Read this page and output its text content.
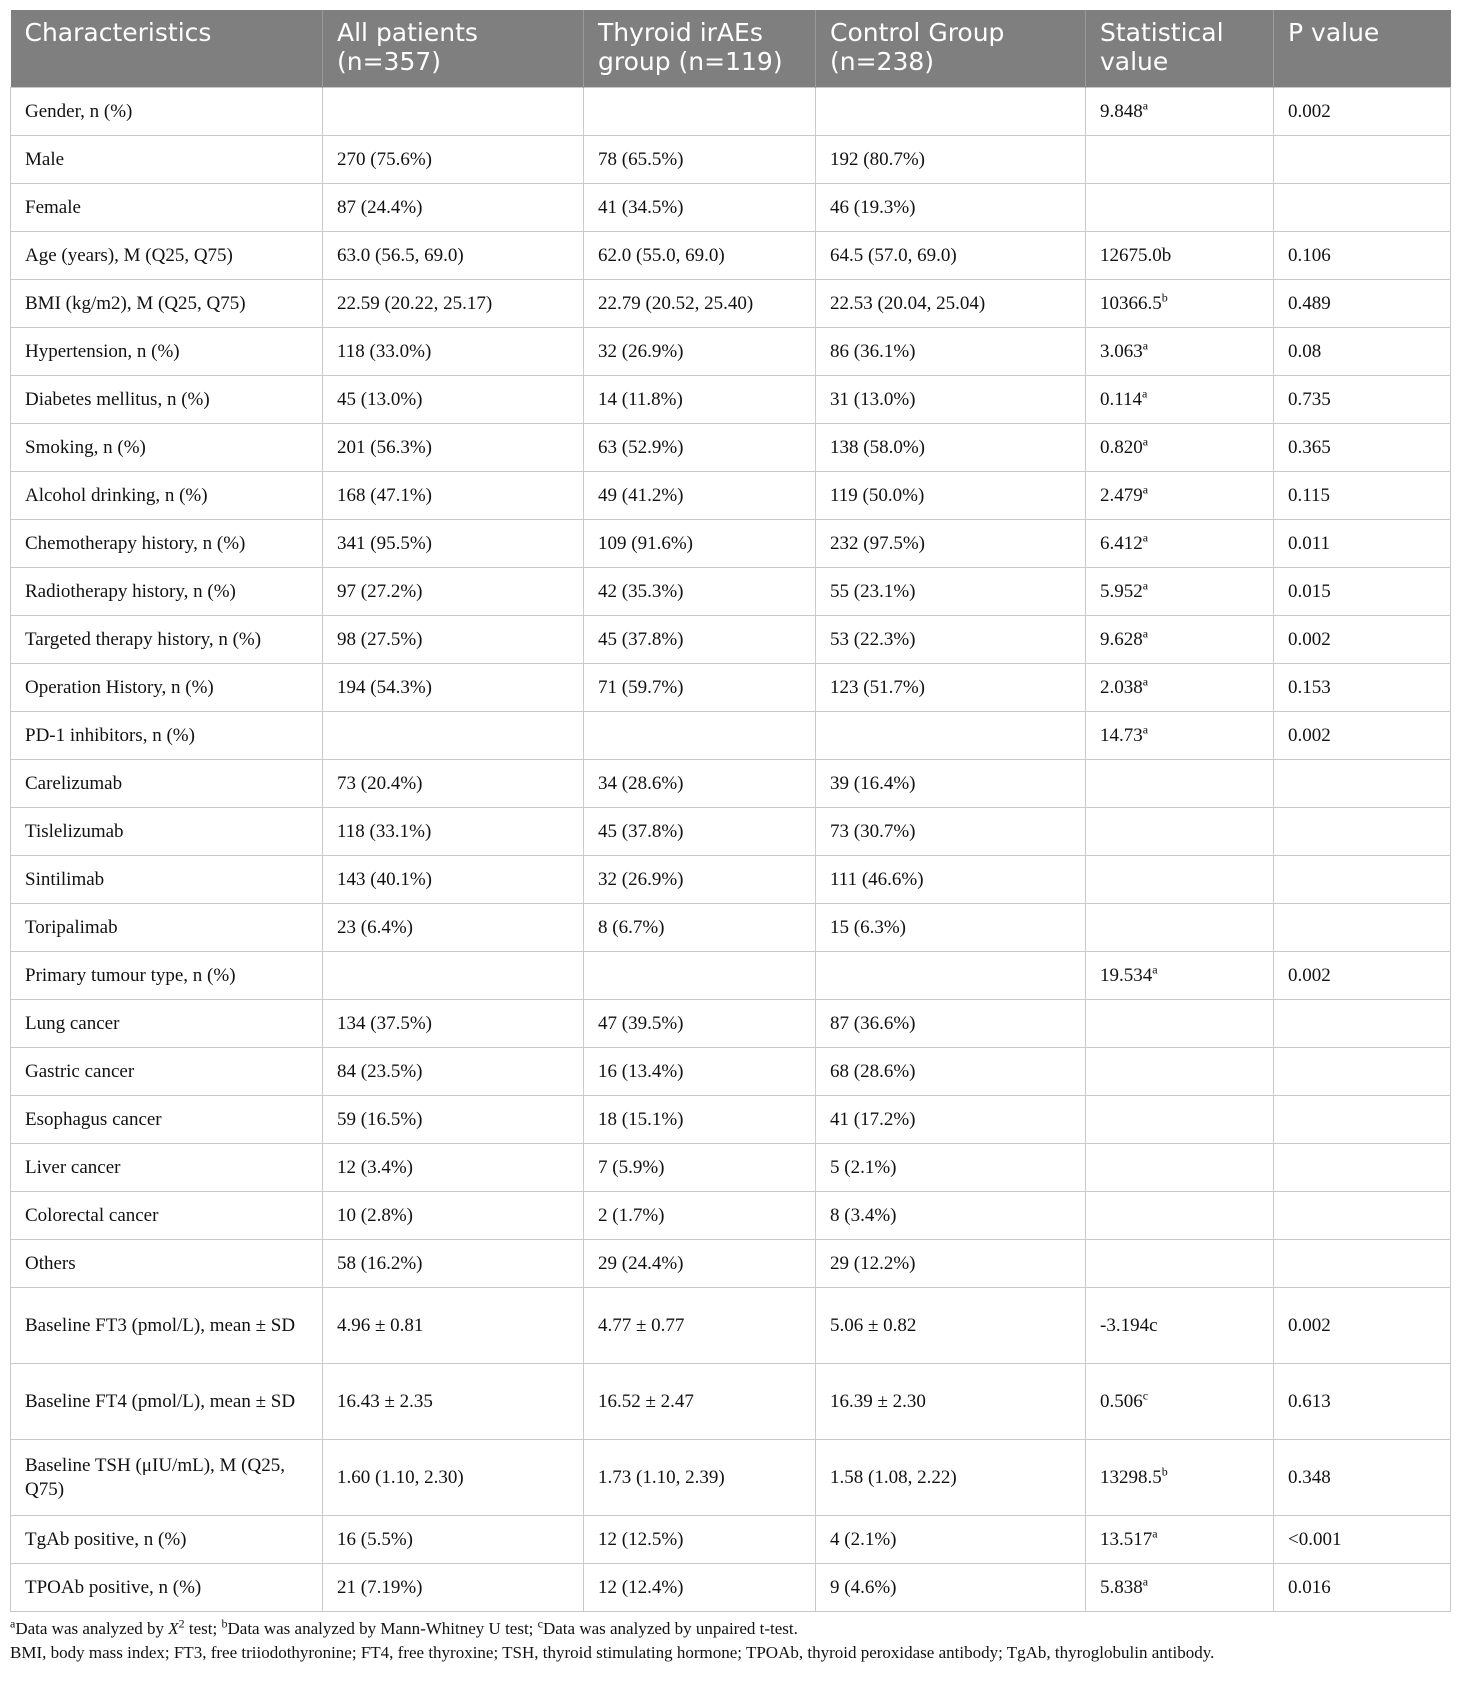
Characteristics	All patients (n=357)	Thyroid irAEs group (n=119)	Control Group (n=238)	Statistical value	P value
Gender, n (%)				9.848$^a$	0.002
Male	270 (75.6%)	78 (65.5%)	192 (80.7%)		
Female	87 (24.4%)	41 (34.5%)	46 (19.3%)		
Age (years), M (Q25, Q75)	63.0 (56.5, 69.0)	62.0 (55.0, 69.0)	64.5 (57.0, 69.0)	12675.0b	0.106
BMI (kg/m2), M (Q25, Q75)	22.59 (20.22, 25.17)	22.79 (20.52, 25.40)	22.53 (20.04, 25.04)	10366.5$^b$	0.489
Hypertension, n (%)	118 (33.0%)	32 (26.9%)	86 (36.1%)	3.063$^a$	0.08
Diabetes mellitus, n (%)	45 (13.0%)	14 (11.8%)	31 (13.0%)	0.114$^a$	0.735
Smoking, n (%)	201 (56.3%)	63 (52.9%)	138 (58.0%)	0.820$^a$	0.365
Alcohol drinking, n (%)	168 (47.1%)	49 (41.2%)	119 (50.0%)	2.479$^a$	0.115
Chemotherapy history, n (%)	341 (95.5%)	109 (91.6%)	232 (97.5%)	6.412$^a$	0.011
Radiotherapy history, n (%)	97 (27.2%)	42 (35.3%)	55 (23.1%)	5.952$^a$	0.015
Targeted therapy history, n (%)	98 (27.5%)	45 (37.8%)	53 (22.3%)	9.628$^a$	0.002
Operation History, n (%)	194 (54.3%)	71 (59.7%)	123 (51.7%)	2.038$^a$	0.153
PD-1 inhibitors, n (%)				14.73$^a$	0.002
Carelizumab	73 (20.4%)	34 (28.6%)	39 (16.4%)		
Tislelizumab	118 (33.1%)	45 (37.8%)	73 (30.7%)		
Sintilimab	143 (40.1%)	32 (26.9%)	111 (46.6%)		
Toripalimab	23 (6.4%)	8 (6.7%)	15 (6.3%)		
Primary tumour type, n (%)				19.534$^a$	0.002
Lung cancer	134 (37.5%)	47 (39.5%)	87 (36.6%)		
Gastric cancer	84 (23.5%)	16 (13.4%)	68 (28.6%)		
Esophagus cancer	59 (16.5%)	18 (15.1%)	41 (17.2%)		
Liver cancer	12 (3.4%)	7 (5.9%)	5 (2.1%)		
Colorectal cancer	10 (2.8%)	2 (1.7%)	8 (3.4%)		
Others	58 (16.2%)	29 (24.4%)	29 (12.2%)		
Baseline FT3 (pmol/L), mean ± SD	4.96 ± 0.81	4.77 ± 0.77	5.06 ± 0.82	-3.194c	0.002
Baseline FT4 (pmol/L), mean ± SD	16.43 ± 2.35	16.52 ± 2.47	16.39 ± 2.30	0.506$^c$	0.613
Baseline TSH (μIU/mL), M (Q25, Q75)	1.60 (1.10, 2.30)	1.73 (1.10, 2.39)	1.58 (1.08, 2.22)	13298.5$^b$	0.348
TgAb positive, n (%)	16 (5.5%)	12 (12.5%)	4 (2.1%)	13.517$^a$	<0.001
TPOAb positive, n (%)	21 (7.19%)	12 (12.4%)	9 (4.6%)	5.838$^a$	0.016

$^a$Data was analyzed by $X^2$ test; $^b$Data was analyzed by Mann-Whitney U test; $^c$Data was analyzed by unpaired t-test.

BMI, body mass index; FT3, free triiodothyronine; FT4, free thyroxine; TSH, thyroid stimulating hormone; TPOAb, thyroid peroxidase antibody; TgAb, thyroglobulin antibody.
